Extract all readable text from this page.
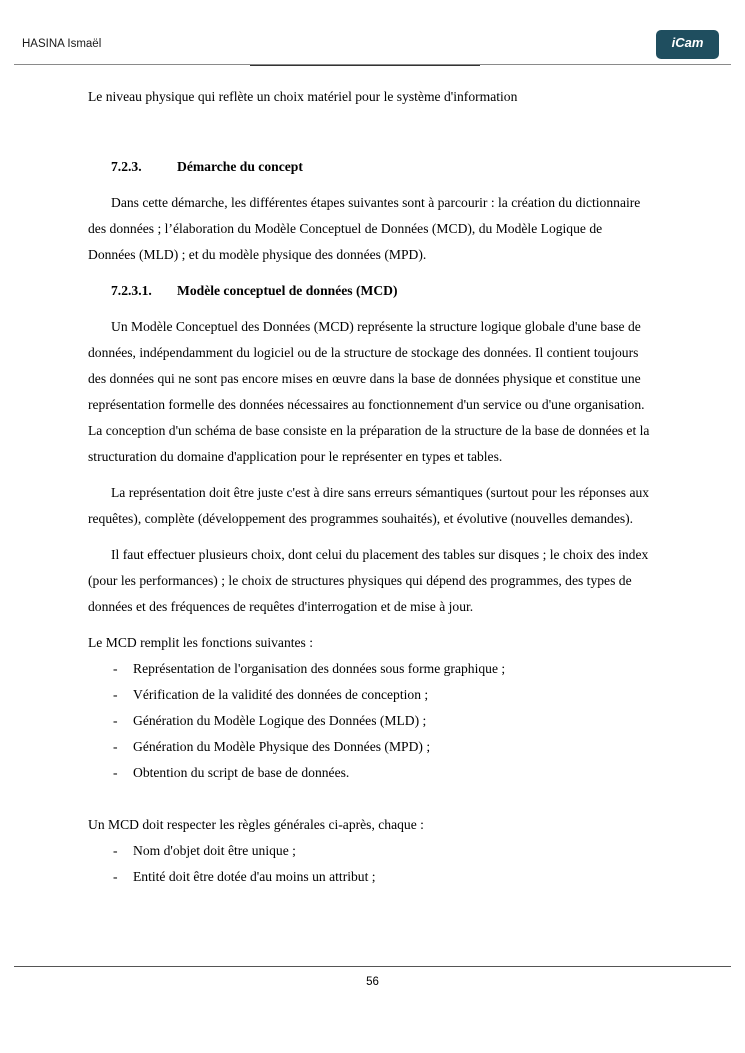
HASINA Ismaël	iCam

Le niveau physique qui reflète un choix matériel pour le système d'information

7.2.3.	Démarche du concept

Dans cette démarche, les différentes étapes suivantes sont à parcourir : la création du dictionnaire des données ; l’élaboration du Modèle Conceptuel de Données (MCD), du Modèle Logique de Données (MLD) ; et du modèle physique des données (MPD).

7.2.3.1. Modèle conceptuel de données (MCD)

Un Modèle Conceptuel des Données (MCD) représente la structure logique globale d'une base de données, indépendamment du logiciel ou de la structure de stockage des données. Il contient toujours des données qui ne sont pas encore mises en œuvre dans la base de données physique et constitue une représentation formelle des données nécessaires au fonctionnement d'un service ou d'une organisation. La conception d'un schéma de base consiste en la préparation de la structure de la base de données et la structuration du domaine d'application pour le représenter en types et tables.

La représentation doit être juste c'est à dire sans erreurs sémantiques (surtout pour les réponses aux requêtes), complète (développement des programmes souhaités), et évolutive (nouvelles demandes).

Il faut effectuer plusieurs choix, dont celui du placement des tables sur disques ; le choix des index (pour les performances) ; le choix de structures physiques qui dépend des programmes, des types de données et des fréquences de requêtes d'interrogation et de mise à jour.

Le MCD remplit les fonctions suivantes :

- Représentation de l'organisation des données sous forme graphique ;
- Vérification de la validité des données de conception ;
- Génération du Modèle Logique des Données (MLD) ;
- Génération du Modèle Physique des Données (MPD) ;
- Obtention du script de base de données.

Un MCD doit respecter les règles générales ci-après, chaque :

- Nom d'objet doit être unique ;
- Entité doit être dotée d'au moins un attribut ;
56
